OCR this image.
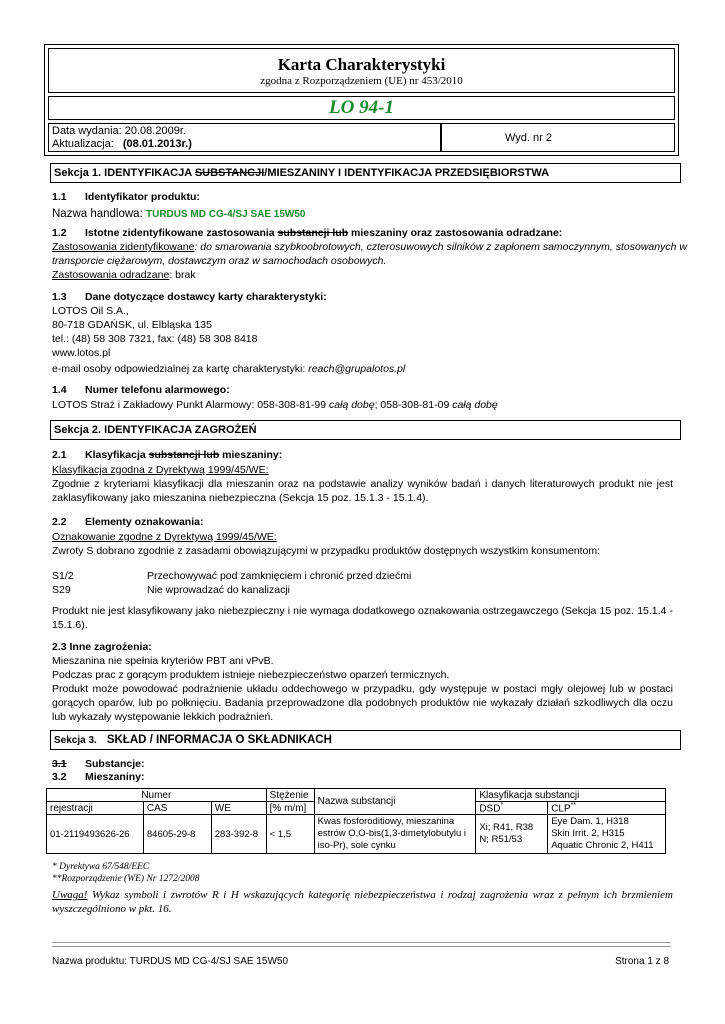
Karta Charakterystyki
zgodna z Rozporządzeniem (UE) nr 453/2010
LO 94-1
Data wydania: 20.08.2009r.
Aktualizacja: (08.01.2013r.)	Wyd. nr 2
Sekcja 1. IDENTYFIKACJA SUBSTANCJI/MIESZANINY I IDENTYFIKACJA PRZEDSIĘBIORSTWA
1.1 Identyfikator produktu:
Nazwa handlowa: TURDUS MD CG-4/SJ SAE 15W50
1.2 Istotne zidentyfikowane zastosowania substancji lub mieszaniny oraz zastosowania odradzane:
Zastosowania zidentyfikowane: do smarowania szybkoobrotowych, czterosuwowych silników z zapłonem samoczynnym, stosowanych w
transporcie ciężarowym, dostawczym oraz w samochodach osobowych.
Zastosowania odradzane: brak
1.3 Dane dotyczące dostawcy karty charakterystyki:
LOTOS Oil S.A.,
80-718 GDAŃSK, ul. Elbląska 135
tel.: (48) 58 308 7321, fax: (48) 58 308 8418
www.lotos.pl
e-mail osoby odpowiedzialnej za kartę charakterystyki: reach@grupalotos.pl
1.4 Numer telefonu alarmowego:
LOTOS Straż i Zakładowy Punkt Alarmowy: 058-308-81-99 całą dobę; 058-308-81-09 całą dobę
Sekcja 2. IDENTYFIKACJA ZAGROŻEŃ
2.1 Klasyfikacja substancji lub mieszaniny:
Klasyfikacja zgodna z Dyrektywą 1999/45/WE:
Zgodnie z kryteriami klasyfikacji dla mieszanin oraz na podstawie analizy wyników badań i danych literaturowych produkt nie jest zaklasyfikowany jako mieszanina niebezpieczna (Sekcja 15 poz. 15.1.3 - 15.1.4).
2.2 Elementy oznakowania:
Oznakowanie zgodne z Dyrektywą 1999/45/WE:
Zwroty S dobrano zgodnie z zasadami obowiązującymi w przypadku produktów dostępnych wszystkim konsumentom:
S1/2	Przechowywać pod zamknięciem i chronić przed dziećmi
S29	Nie wprowadzać do kanalizacji
Produkt nie jest klasyfikowany jako niebezpieczny i nie wymaga dodatkowego oznakowania ostrzegawczego (Sekcja 15 poz. 15.1.4 - 15.1.6).
2.3 Inne zagrożenia:
Mieszanina nie spełnia kryteriów PBT ani vPvB.
Podczas prac z gorącym produktem istnieje niebezpieczeństwo oparzeń termicznych.
Produkt może powodować podrażnienie układu oddechowego w przypadku, gdy występuje w postaci mgły olejowej lub w postaci gorących oparów, lub po połknięciu. Badania przeprowadzone dla podobnych produktów nie wykazały działań szkodliwych dla oczu lub wykazały występowanie lekkich podrażnień.
Sekcja 3. SKŁAD / INFORMACJA O SKŁADNIKACH
3.1 Substancje:
3.2 Mieszaniny:
Numer			Stężenie	Nazwa substancji	Klasyfikacja substancji	
rejestracji	CAS	WE	[% m/m]		DSD*	CLP**
01-2119493626-26	84605-29-8	283-392-8	< 1,5	Kwas fosforoditiowy, mieszanina estrów O,O-bis(1,3-dimetylobutylu i iso-Pr), sole cynku	Xi; R41, R38 N; R51/53	Eye Dam. 1, H318
Skin Irrit. 2, H315
Aquatic Chronic 2, H411
* Dyrektywa 67/548/EEC
**Rozporządzenie (WE) Nr 1272/2008
Uwaga! Wykaz symboli i zwrotów R i H wskazujących kategorię niebezpieczeństwa i rodzaj zagrożenia wraz z pełnym ich brzmieniem wyszczególniono w pkt. 16.
Nazwa produktu: TURDUS MD CG-4/SJ SAE 15W50	Strona 1 z 8
